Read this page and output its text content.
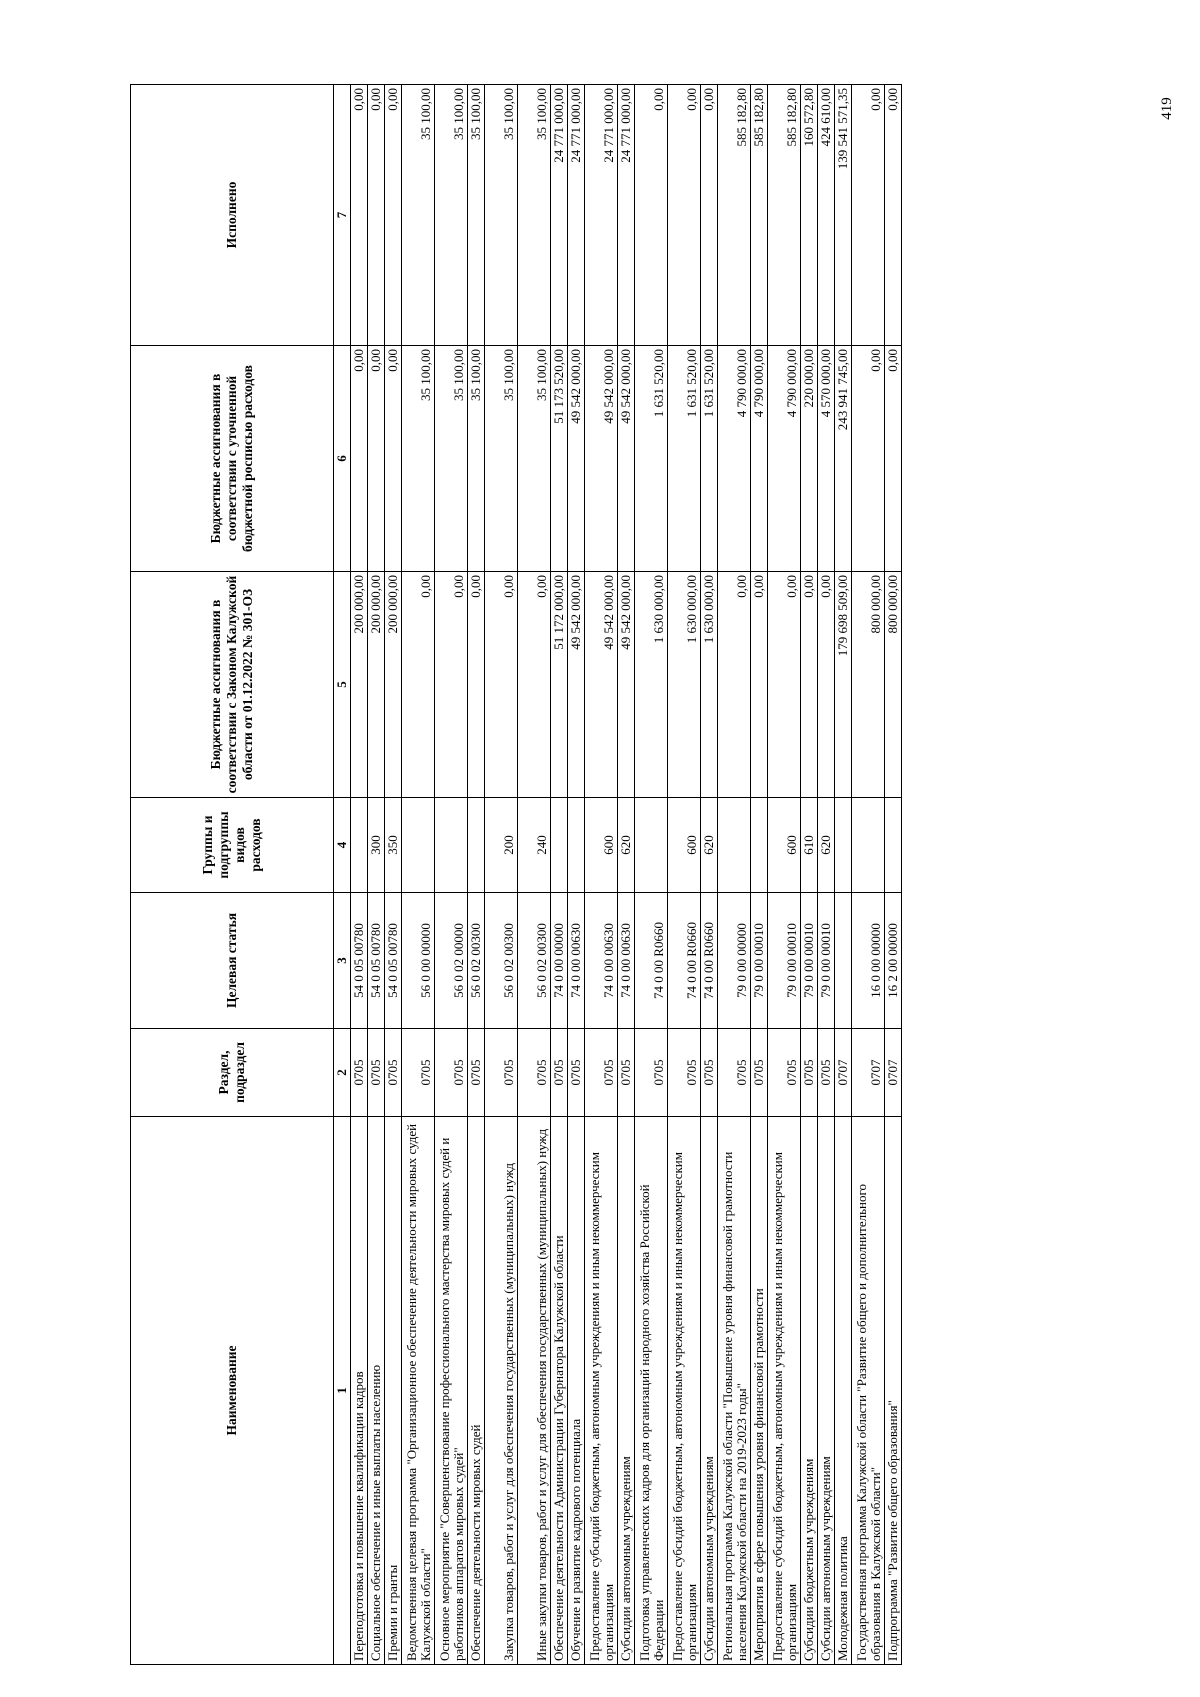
Наименование	Раздел, подраздел	Целевая статья	Группы и подгруппы видов расходов	Бюджетные ассигнования в соответствии с Законом Калужской области от 01.12.2022 № 301-ОЗ	Бюджетные ассигнования в соответствии с уточненной бюджетной росписью расходов	Исполнено
1	2	3	4	5	6	7
Переподготовка и повышение квалификации кадров	0705	54 0 05 00780		200 000,00	0,00	0,00
Социальное обеспечение и иные выплаты населению	0705	54 0 05 00780	300	200 000,00	0,00	0,00
Премии и гранты	0705	54 0 05 00780	350	200 000,00	0,00	0,00
Ведомственная целевая программа "Организационное обеспечение деятельности мировых судей Калужской области"	0705	56 0 00 00000		0,00	35 100,00	35 100,00
Основное мероприятие "Совершенствование профессионального мастерства мировых судей и работников аппаратов мировых судей"	0705	56 0 02 00000		0,00	35 100,00	35 100,00
Обеспечение деятельности мировых судей	0705	56 0 02 00300		0,00	35 100,00	35 100,00
Закупка товаров, работ и услуг для обеспечения государственных (муниципальных) нужд	0705	56 0 02 00300	200	0,00	35 100,00	35 100,00
Иные закупки товаров, работ и услуг для обеспечения государственных (муниципальных) нужд	0705	56 0 02 00300	240	0,00	35 100,00	35 100,00
Обеспечение деятельности Администрации Губернатора Калужской области	0705	74 0 00 00000		51 172 000,00	51 173 520,00	24 771 000,00
Обучение и развитие кадрового потенциала	0705	74 0 00 00630		49 542 000,00	49 542 000,00	24 771 000,00
Предоставление субсидий бюджетным, автономным учреждениям и иным некоммерческим организациям	0705	74 0 00 00630	600	49 542 000,00	49 542 000,00	24 771 000,00
Субсидии автономным учреждениям	0705	74 0 00 00630	620	49 542 000,00	49 542 000,00	24 771 000,00
Подготовка управленческих кадров для организаций народного хозяйства Российской Федерации	0705	74 0 00 R0660		1 630 000,00	1 631 520,00	0,00
Предоставление субсидий бюджетным, автономным учреждениям и иным некоммерческим организациям	0705	74 0 00 R0660	600	1 630 000,00	1 631 520,00	0,00
Субсидии автономным учреждениям	0705	74 0 00 R0660	620	1 630 000,00	1 631 520,00	0,00
Региональная программа Калужской области "Повышение уровня финансовой грамотности населения Калужской области на 2019-2023 годы"	0705	79 0 00 00000		0,00	4 790 000,00	585 182,80
Мероприятия в сфере повышения уровня финансовой грамотности	0705	79 0 00 00010		0,00	4 790 000,00	585 182,80
Предоставление субсидий бюджетным, автономным учреждениям и иным некоммерческим организациям	0705	79 0 00 00010	600	0,00	4 790 000,00	585 182,80
Субсидии бюджетным учреждениям	0705	79 0 00 00010	610	0,00	220 000,00	160 572,80
Субсидии автономным учреждениям	0705	79 0 00 00010	620	0,00	4 570 000,00	424 610,00
Молодежная политика	0707			179 698 509,00	243 941 745,00	139 541 571,35
Государственная программа Калужской области "Развитие общего и дополнительного образования в Калужской области"	0707	16 0 00 00000		800 000,00	0,00	0,00
Подпрограмма "Развитие общего образования"	0707	16 2 00 00000		800 000,00	0,00	0,00	419
